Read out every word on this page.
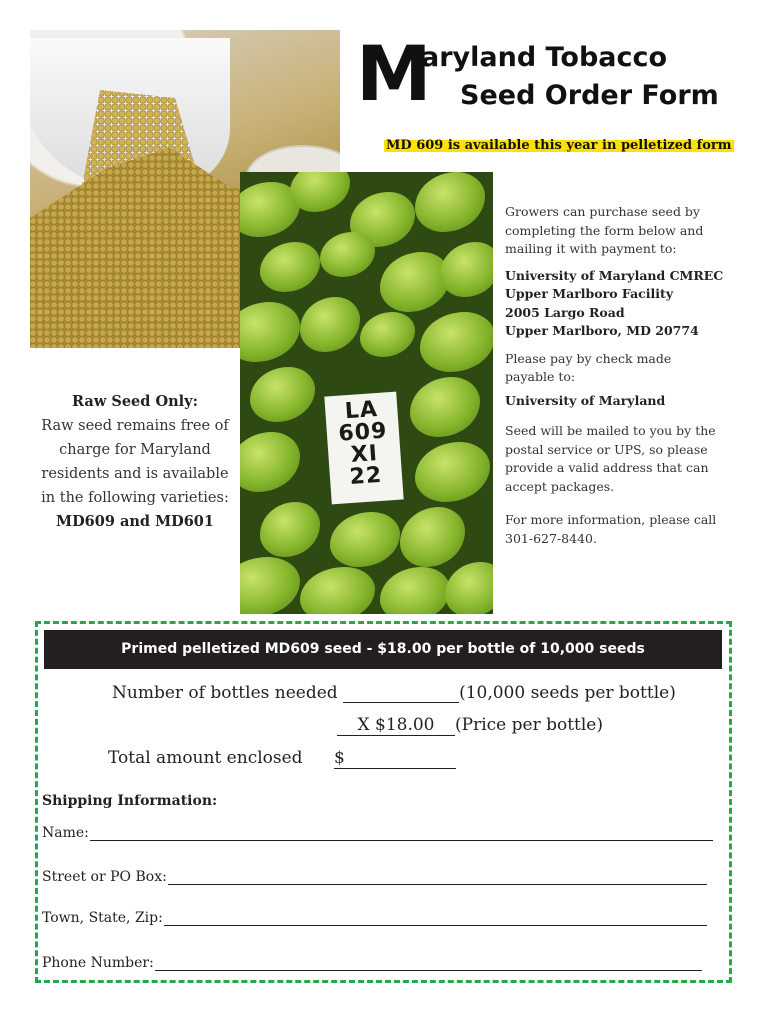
LA
609
XI
22
M
aryland Tobacco
Seed Order Form
MD 609 is available this year in pelletized form

Growers can purchase seed by completing the form below and mailing it with payment to:

University of Maryland CMREC

Upper Marlboro Facility

2005 Largo Road

Upper Marlboro, MD 20774

Please pay by check made payable to:

University of Maryland

Seed will be mailed to you by the postal service or UPS, so please provide a valid address that can accept packages.

For more information, please call 301-627-8440.

Raw Seed Only:
Raw seed remains free of charge for Maryland residents and is available in the following varieties:
MD609 and MD601
Primed pelletized MD609 seed - $18.00 per bottle of 10,000 seeds
Number of bottles needed	(10,000 seeds per bottle)
X $18.00 (Price per bottle)
Total amount enclosed $
Shipping Information:
Name:
Street or PO Box:
Town, State, Zip:
Phone Number:
